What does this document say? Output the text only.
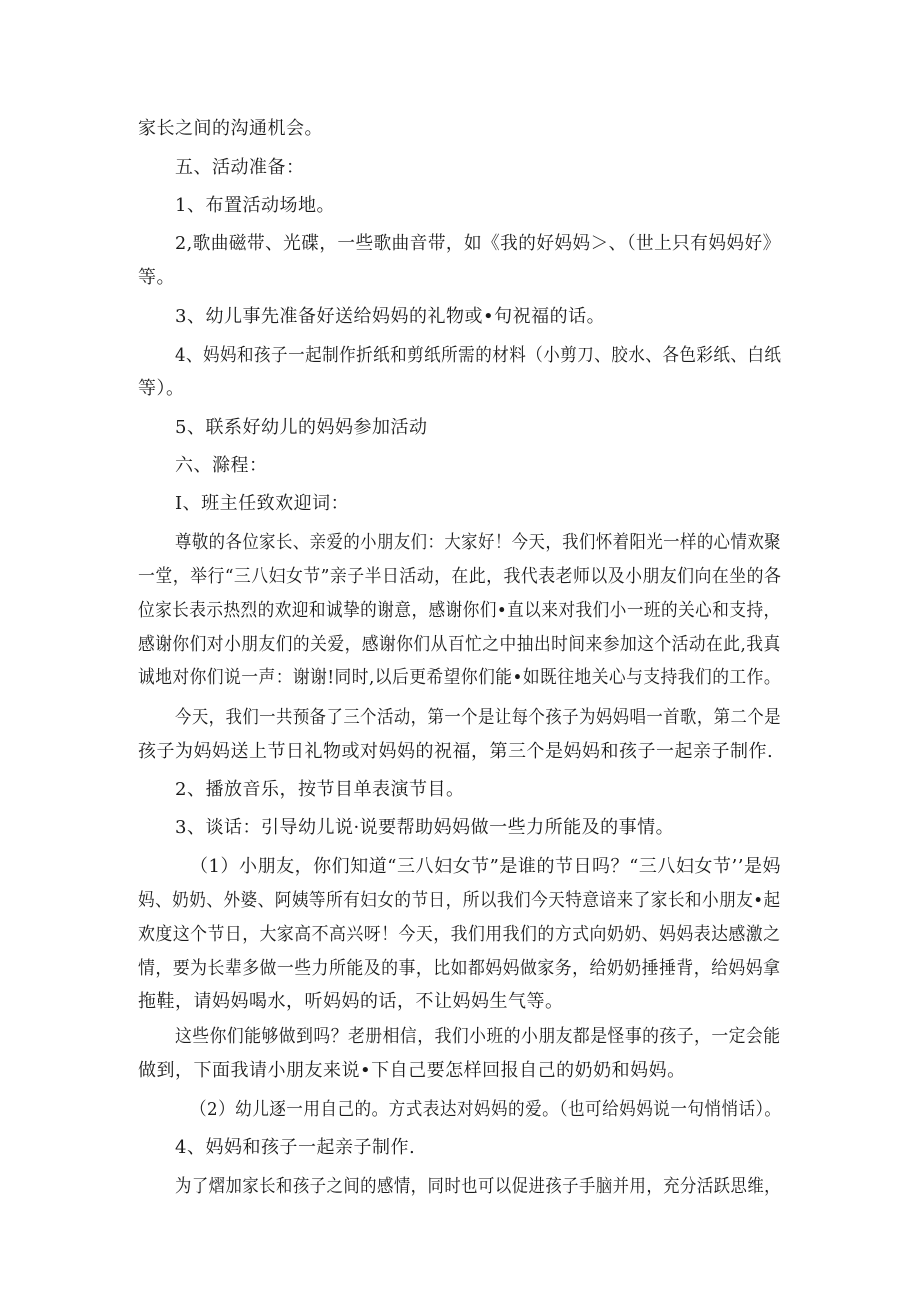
家长之间的沟通机会。
五、活动准备：
1、布置活动场地。
2,歌曲磁带、光碟，一些歌曲音带，如《我的好妈妈＞、（世上只有妈妈好》
等。
3、幼儿事先准备好送给妈妈的礼物或•句祝福的话。
4、妈妈和孩子一起制作折纸和剪纸所需的材料（小剪刀、胶水、各色彩纸、白纸
等）。
5、联系好幼儿的妈妈参加活动
六、滁程：
I、班主任致欢迎词：
尊敬的各位家长、亲爱的小朋友们：大家好！今天，我们怀着阳光一样的心情欢聚
一堂，举行“三八妇女节”亲子半日活动，在此，我代表老师以及小朋友们向在坐的各
位家长表示热烈的欢迎和诚挚的谢意，感谢你们•直以来对我们小一班的关心和支持，
感谢你们对小朋友们的关爱，感谢你们从百忙之中抽出时间来参加这个活动在此,我真
诚地对你们说一声：谢谢!同时,以后更希望你们能•如既往地关心与支持我们的工作。
今天，我们一共预备了三个活动，第一个是让每个孩子为妈妈唱一首歌，第二个是
孩子为妈妈送上节日礼物或对妈妈的祝福，第三个是妈妈和孩子一起亲子制作.
2、播放音乐，按节目单表演节目。
3、谈话：引导幼儿说·说要帮助妈妈做一些力所能及的事情。
（1）小朋友，你们知道“三八妇女节”是谁的节日吗？“三八妇女节’’是妈
妈、奶奶、外婆、阿姨等所有妇女的节日，所以我们今天特意谙来了家长和小朋友•起
欢度这个节日，大家高不高兴呀！今天，我们用我们的方式向奶奶、妈妈表达感激之
情，要为长辈多做一些力所能及的事，比如都妈妈做家务，给奶奶捶捶背，给妈妈拿
拖鞋，请妈妈喝水，听妈妈的话，不让妈妈生气等。
这些你们能够做到吗？老册相信，我们小班的小朋友都是怪事的孩子，一定会能
做到，下面我请小朋友来说•下自己要怎样回报自己的奶奶和妈妈。
（2）幼儿逐一用自己的。方式表达对妈妈的爱。（也可给妈妈说一句悄悄话）。
4、妈妈和孩子一起亲子制作.
为了熠加家长和孩子之间的感情，同时也可以促进孩子手脑并用，充分活跃思维，
